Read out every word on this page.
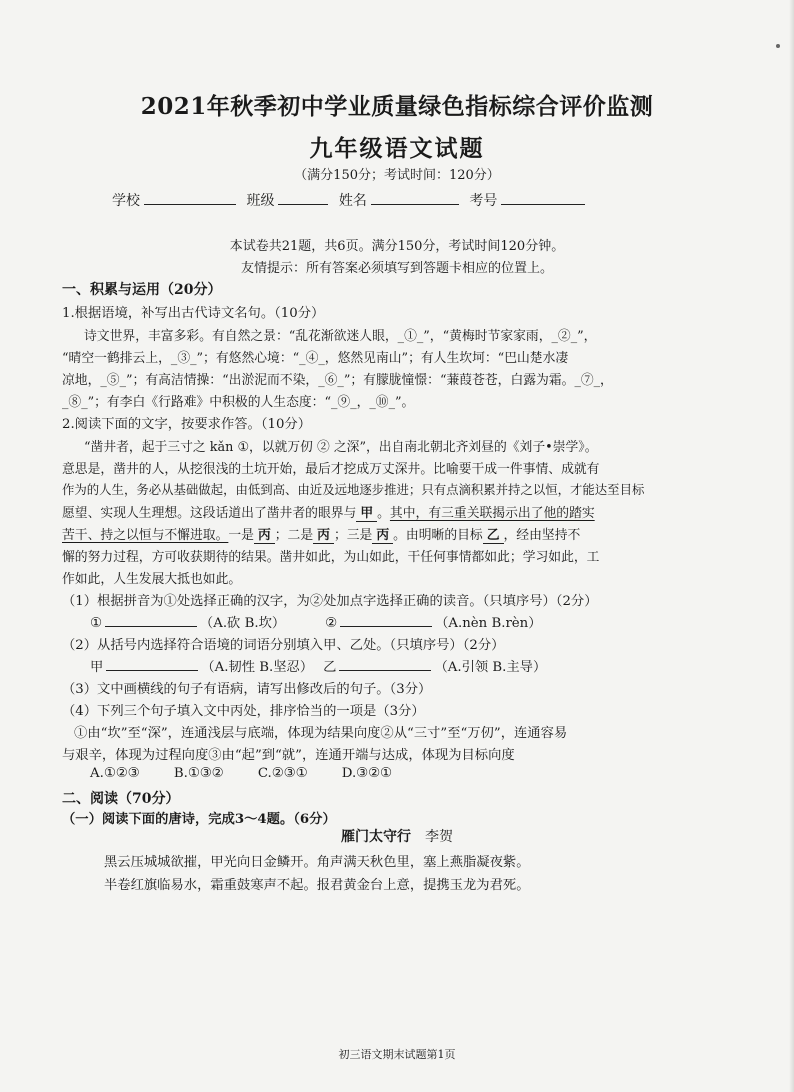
2021年秋季初中学业质量绿色指标综合评价监测
九年级语文试题
（满分150分；考试时间：120分）
学校	班级	姓名	考号
本试卷共21题，共6页。满分150分，考试时间120分钟。
友情提示：所有答案必须填写到答题卡相应的位置上。
一、积累与运用（20分）
1.根据语境，补写出古代诗文名句。（10分）
诗文世界，丰富多彩。有自然之景：“乱花渐欲迷人眼，_①_”，“黄梅时节家家雨，_②_”，
“晴空一鹤排云上，_③_”；有悠然心境：“_④_，悠然见南山”；有人生坎坷：“巴山楚水凄
凉地，_⑤_”；有高洁情操：“出淤泥而不染，_⑥_”；有朦胧憧憬：“蒹葭苍苍，白露为霜。_⑦_，
_⑧_”；有李白《行路难》中积极的人生态度：“_⑨_，_⑩_”。
2.阅读下面的文字，按要求作答。（10分）
“凿井者，起于三寸之 kǎn ①，以就万仞 ② 之深”，出自南北朝北齐刘昼的《刘子•崇学》。
意思是，凿井的人，从挖很浅的土坑开始，最后才挖成万丈深井。比喻要干成一件事情、成就有
作为的人生，务必从基础做起，由低到高、由近及远地逐步推进；只有点滴积累并持之以恒，才能达至目标
愿望、实现人生理想。这段话道出了凿井者的眼界与 甲 。其中，有三重关联揭示出了他的踏实
苦干、持之以恒与不懈进取。一是 丙 ；二是 丙 ；三是 丙 。由明晰的目标 乙 ，经由坚持不
懈的努力过程，方可收获期待的结果。凿井如此，为山如此，干任何事情都如此；学习如此，工
作如此，人生发展大抵也如此。
（1）根据拼音为①处选择正确的汉字，为②处加点字选择正确的读音。（只填序号）（2分）
①	（A.砍 B.坎）	②	（A.nèn B.rèn）
（2）从括号内选择符合语境的词语分别填入甲、乙处。（只填序号）（2分）
甲	（A.韧性 B.坚忍） 乙	（A.引领 B.主导）
（3）文中画横线的句子有语病，请写出修改后的句子。（3分）
（4）下列三个句子填入文中丙处，排序恰当的一项是（3分）
①由“坎”至“深”，连通浅层与底端，体现为结果向度②从“三寸”至“万仞”，连通容易
与艰辛，体现为过程向度③由“起”到“就”，连通开端与达成，体现为目标向度
A.①②③	B.①③②	C.②③①	D.③②①
二、阅读（70分）
（一）阅读下面的唐诗，完成3～4题。（6分）
雁门太守行 李贺
黑云压城城欲摧，甲光向日金鳞开。角声满天秋色里，塞上燕脂凝夜紫。
半卷红旗临易水，霜重鼓寒声不起。报君黄金台上意，提携玉龙为君死。
初三语文期末试题第1页
